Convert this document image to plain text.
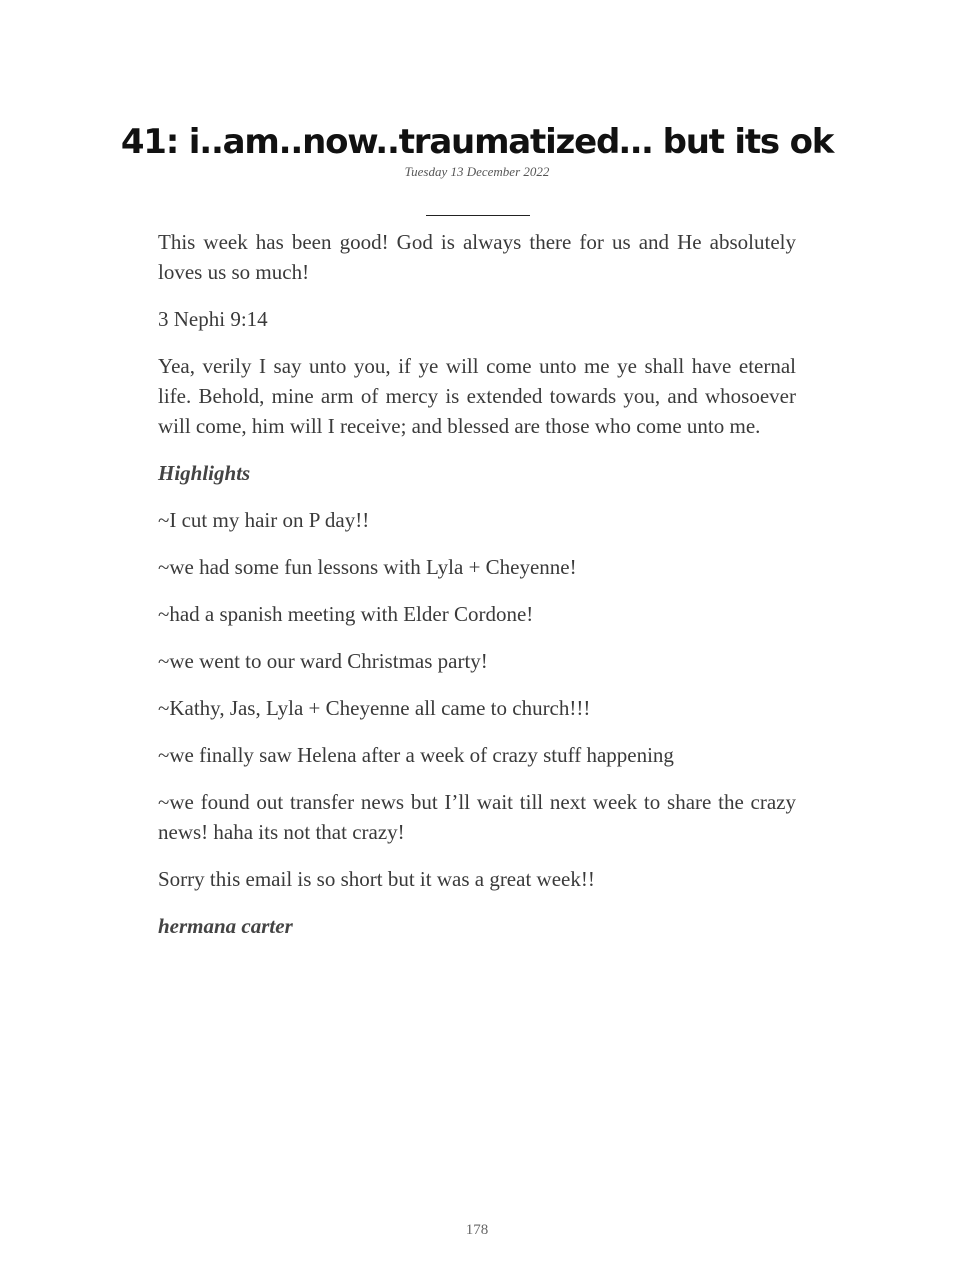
41: i..am..now..traumatized… but its ok
Tuesday 13 December 2022

This week has been good! God is always there for us and He absolutely loves us so much!

3 Nephi 9:14

Yea, verily I say unto you, if ye will come unto me ye shall have eternal life. Behold, mine arm of mercy is extended towards you, and whosoever will come, him will I receive; and blessed are those who come unto me.

Highlights

~I cut my hair on P day!!

~we had some fun lessons with Lyla + Cheyenne!

~had a spanish meeting with Elder Cordone!

~we went to our ward Christmas party!

~Kathy, Jas, Lyla + Cheyenne all came to church!!!

~we finally saw Helena after a week of crazy stuff happening

~we found out transfer news but I’ll wait till next week to share the crazy news! haha its not that crazy!

Sorry this email is so short but it was a great week!!

hermana carter

178
